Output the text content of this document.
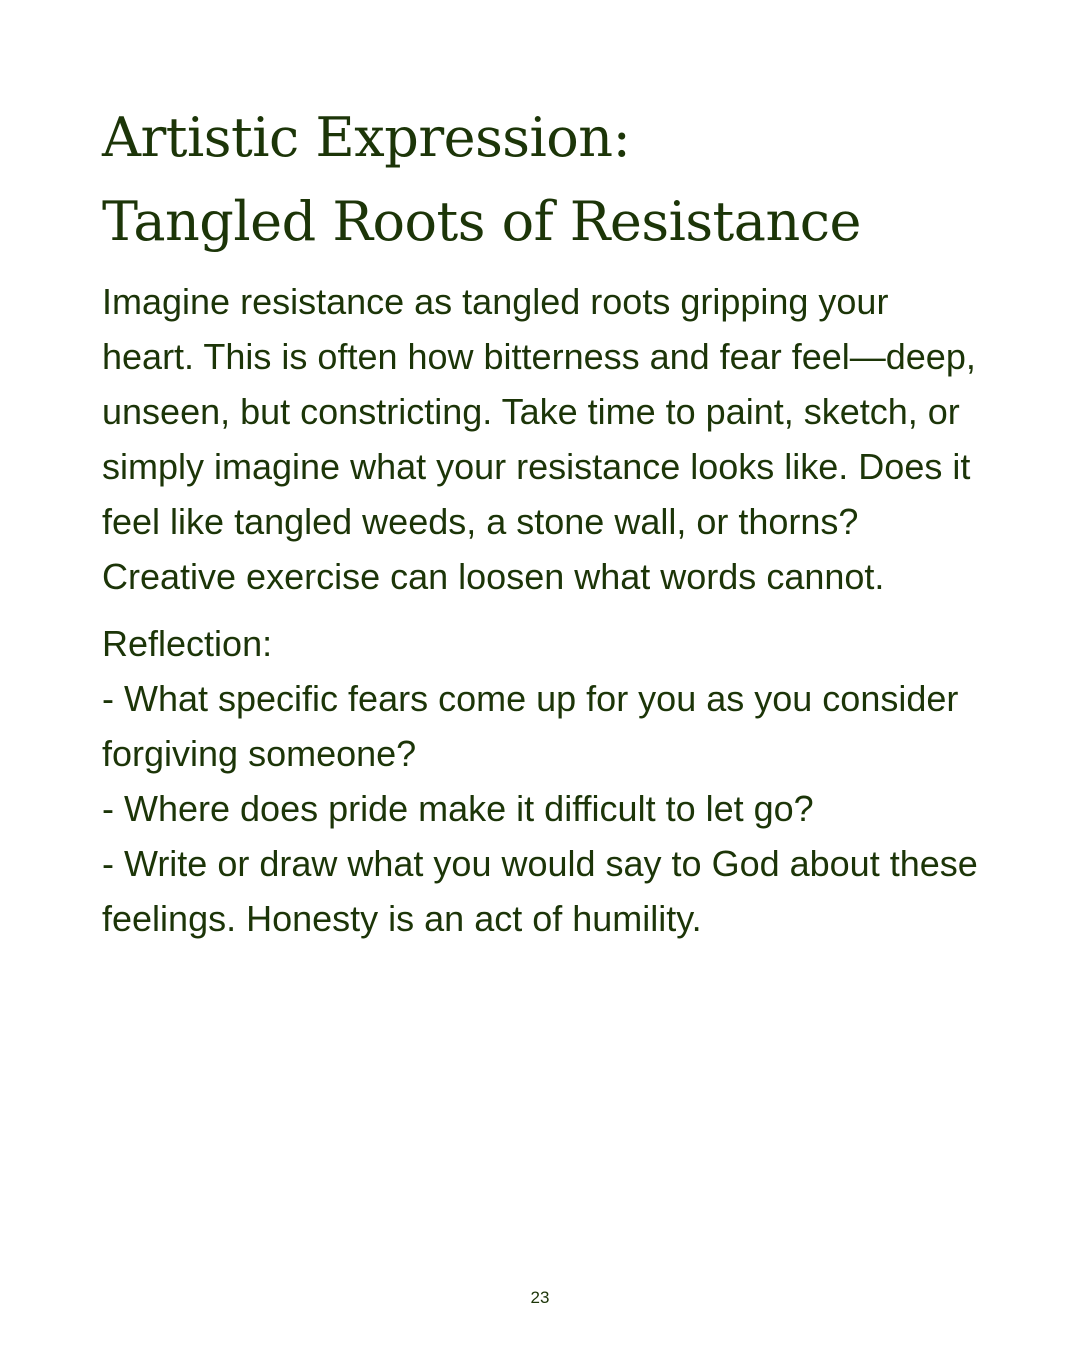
Artistic Expression:
Tangled Roots of Resistance

Imagine resistance as tangled roots gripping your heart. This is often how bitterness and fear feel—deep, unseen, but constricting. Take time to paint, sketch, or simply imagine what your resistance looks like. Does it feel like tangled weeds, a stone wall, or thorns? Creative exercise can loosen what words cannot.

Reflection:

- What specific fears come up for you as you consider forgiving someone?
- Where does pride make it difficult to let go?
- Write or draw what you would say to God about these feelings. Honesty is an act of humility.
23
